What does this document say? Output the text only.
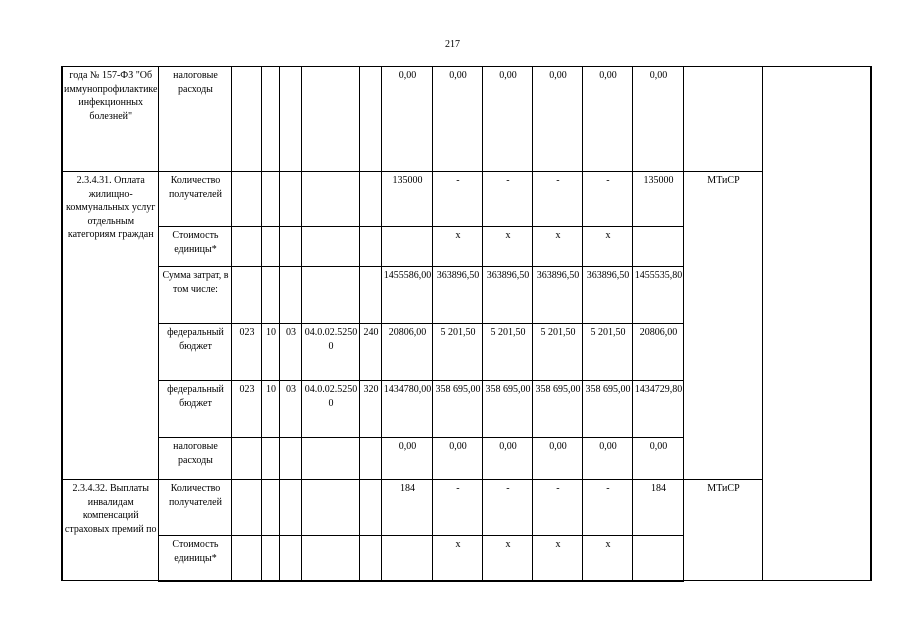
217
года № 157-ФЗ "Об иммунопрофилактике инфекционных болезней"	налоговые расходы						0,00	0,00	0,00	0,00	0,00	0,00		
2.3.4.31. Оплата жилищно-коммунальных услуг отдельным категориям граждан	Количество получателей						135000	-	-	-	-	135000	МТиСР	
	Стоимость единицы*							x	x	x	x			
	Сумма затрат, в том числе:						1455586,00	363896,50	363896,50	363896,50	363896,50	1455535,80		
	федеральный бюджет	023	10	03	04.0.02.52500	240	20806,00	5 201,50	5 201,50	5 201,50	5 201,50	20806,00		
	федеральный бюджет	023	10	03	04.0.02.52500	320	1434780,00	358 695,00	358 695,00	358 695,00	358 695,00	1434729,80		
	налоговые расходы						0,00	0,00	0,00	0,00	0,00	0,00		
2.3.4.32. Выплаты инвалидам компенсаций страховых премий по	Количество получателей						184	-	-	-	-	184	МТиСР	
	Стоимость единицы*							x	x	x	x			
